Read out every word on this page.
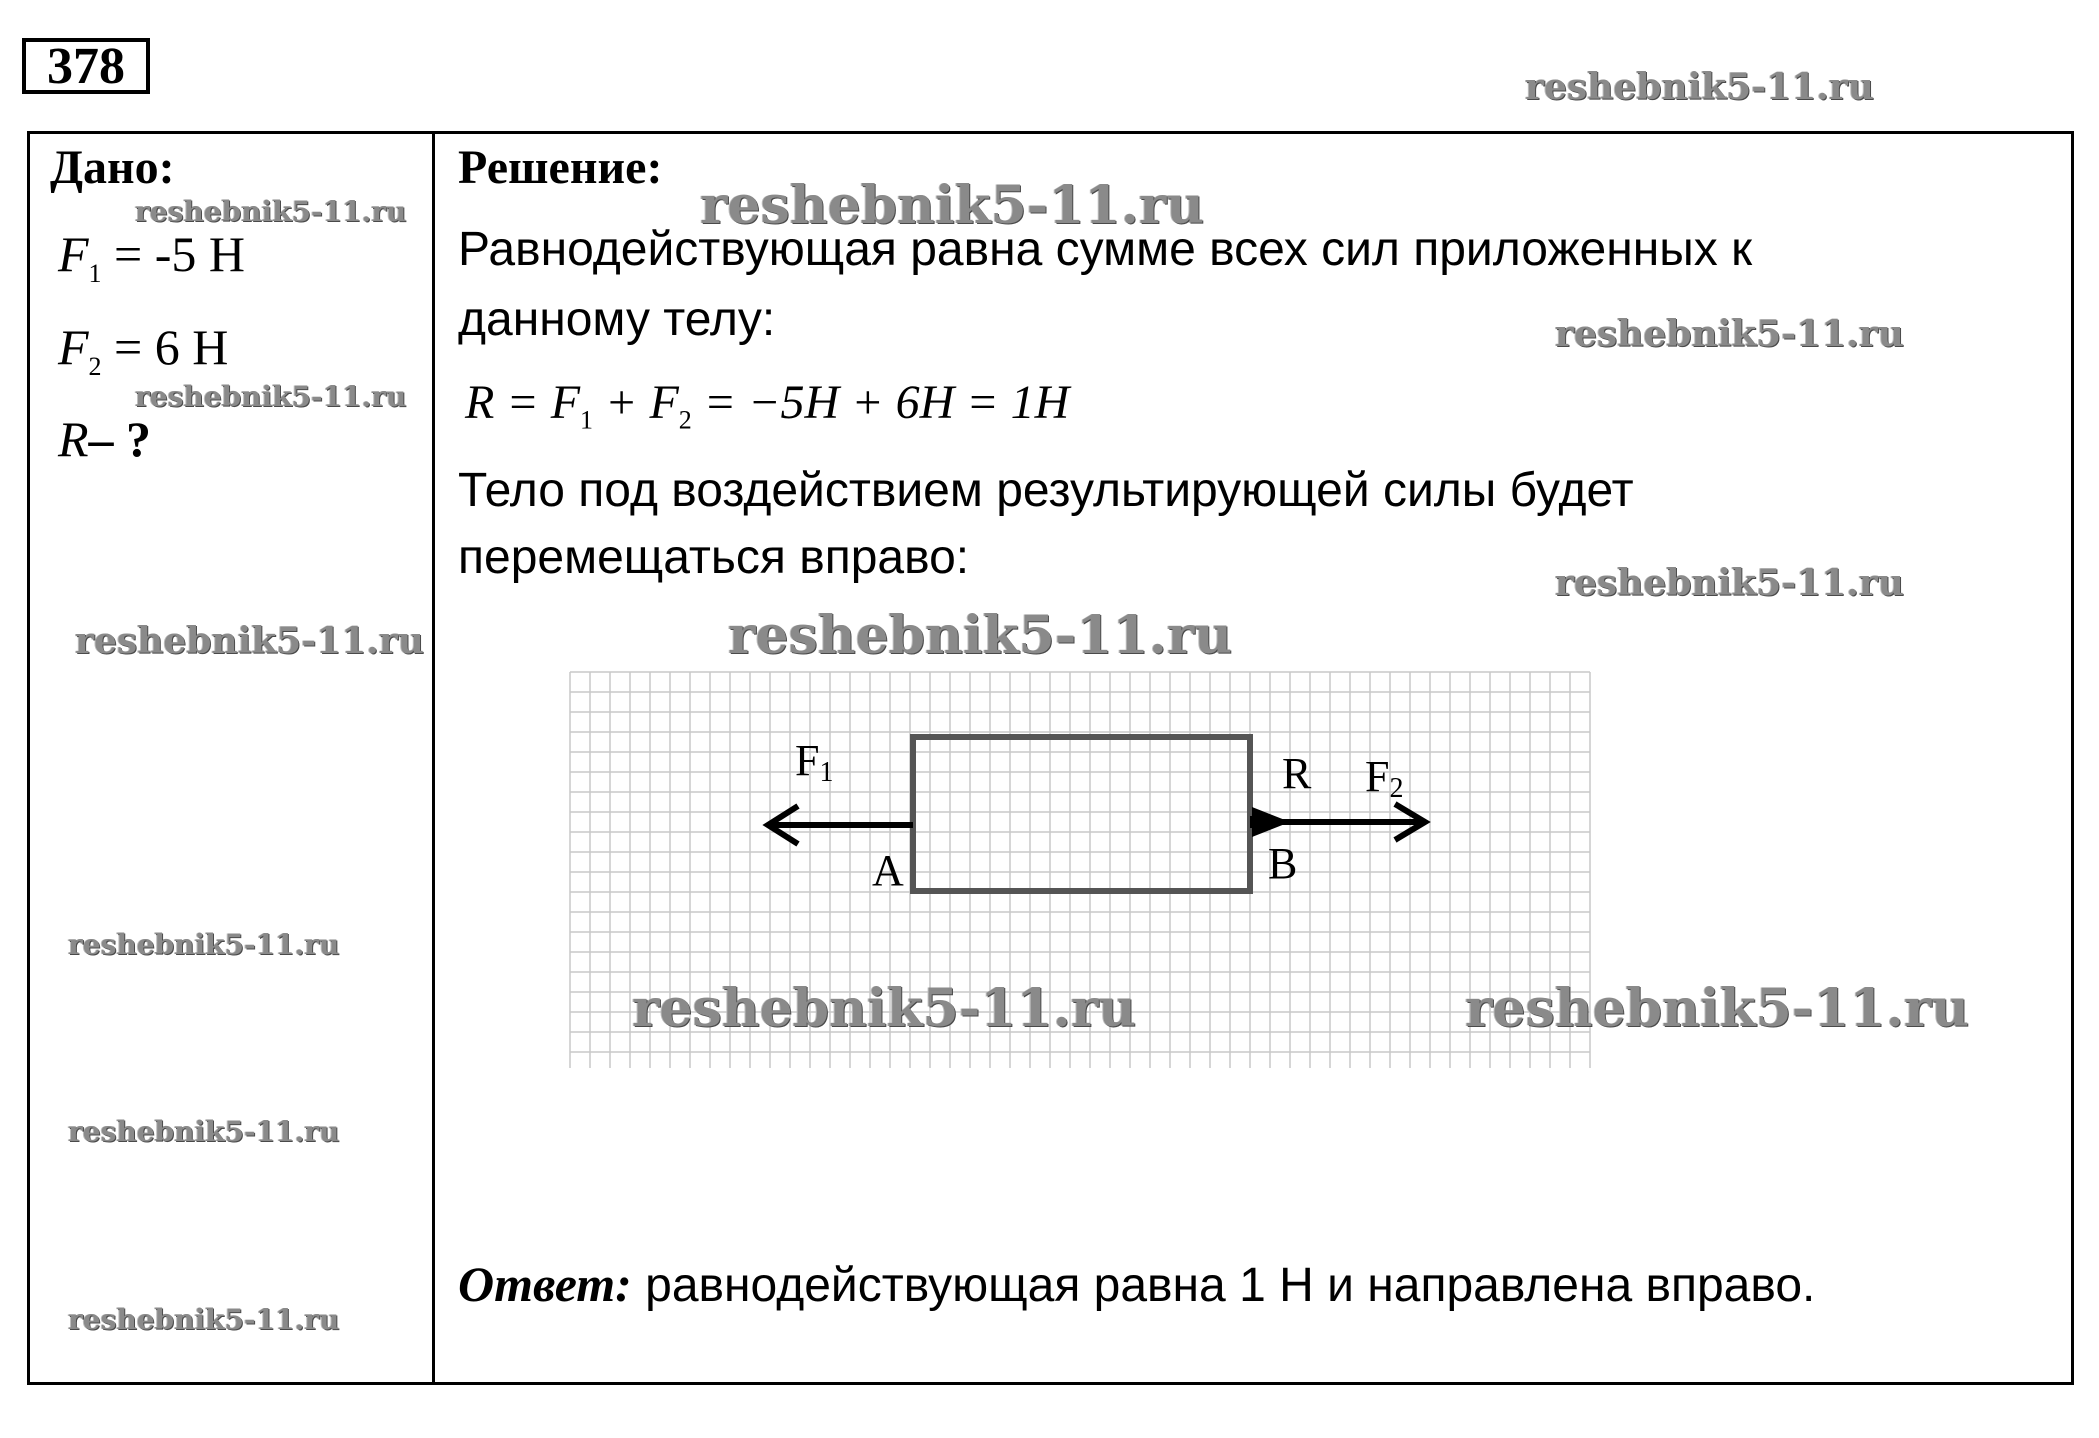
378	reshebnik5-11.ru
Дано:
reshebnik5-11.ru
$F_1 = -5$ Н
$F_2 = 6$ Н
reshebnik5-11.ru
R– ?
reshebnik5-11.ru
reshebnik5-11.ru
reshebnik5-11.ru
reshebnik5-11.ru
Решение:
reshebnik5-11.ru
Равнодействующая равна сумме всех сил приложенных к
данному телу:	reshebnik5-11.ru
$R = F_1 + F_2 = -5H + 6H = 1H$
Тело под воздействием результирующей силы будет
перемещаться вправо:	reshebnik5-11.ru
reshebnik5-11.ru
F1	R F2
A	B
reshebnik5-11.ru	reshebnik5-11.ru
Ответ: равнодействующая равна 1 Н и направлена вправо.
